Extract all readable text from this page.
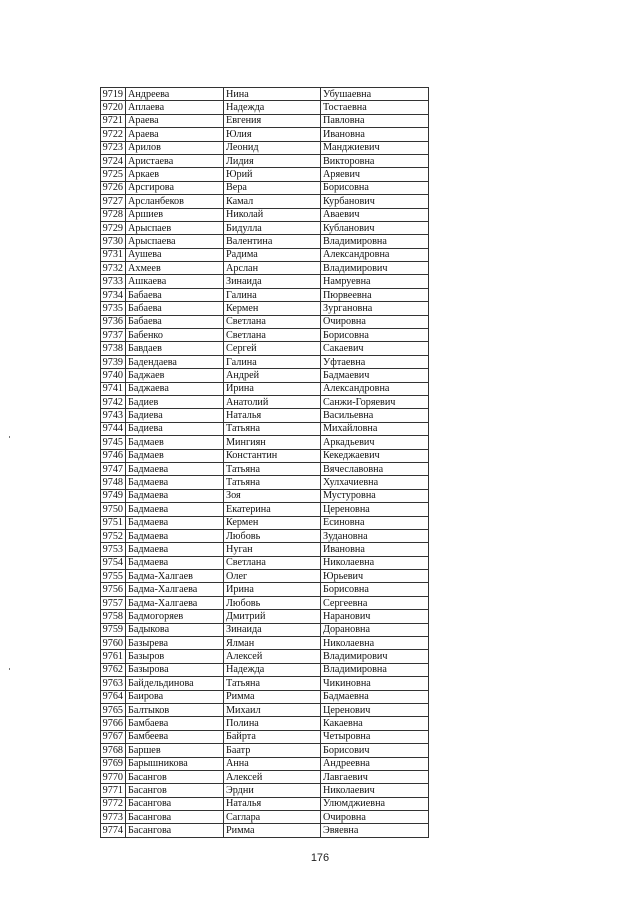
9719	Андреева	Нина	Убушаевна
9720	Аплаева	Надежда	Тостаевна
9721	Араева	Евгения	Павловна
9722	Араева	Юлия	Ивановна
9723	Арилов	Леонид	Манджиевич
9724	Аристаева	Лидия	Викторовна
9725	Аркаев	Юрий	Аряевич
9726	Арсгирова	Вера	Борисовна
9727	Арсланбеков	Камал	Курбанович
9728	Аршиев	Николай	Аваевич
9729	Арыспаев	Бидулла	Кубланович
9730	Арыспаева	Валентина	Владимировна
9731	Аушева	Радима	Александровна
9732	Ахмеев	Арслан	Владимирович
9733	Ашкаева	Зинаида	Намруевна
9734	Бабаева	Галина	Пюрвеевна
9735	Бабаева	Кермен	Зургановна
9736	Бабаева	Светлана	Очировна
9737	Бабенко	Светлана	Борисовна
9738	Бавдаев	Сергей	Сакаевич
9739	Бадендаева	Галина	Уфтаевна
9740	Баджаев	Андрей	Бадмаевич
9741	Баджаева	Ирина	Александровна
9742	Бадиев	Анатолий	Санжи-Горяевич
9743	Бадиева	Наталья	Васильевна
9744	Бадиева	Татьяна	Михайловна
9745	Бадмаев	Мингиян	Аркадьевич
9746	Бадмаев	Константин	Кекеджаевич
9747	Бадмаева	Татьяна	Вячеславовна
9748	Бадмаева	Татьяна	Хулхачиевна
9749	Бадмаева	Зоя	Мустуровна
9750	Бадмаева	Екатерина	Цереновна
9751	Бадмаева	Кермен	Есиновна
9752	Бадмаева	Любовь	Зудановна
9753	Бадмаева	Нуган	Ивановна
9754	Бадмаева	Светлана	Николаевна
9755	Бадма-Халгаев	Олег	Юрьевич
9756	Бадма-Халгаева	Ирина	Борисовна
9757	Бадма-Халгаева	Любовь	Сергеевна
9758	Бадмогоряев	Дмитрий	Наранович
9759	Бадыкова	Зинаида	Дорановна
9760	Базырева	Ялман	Николаевна
9761	Базыров	Алексей	Владимирович
9762	Базырова	Надежда	Владимировна
9763	Байдельдинова	Татьяна	Чикиновна
9764	Баирова	Римма	Бадмаевна
9765	Балтыков	Михаил	Церенович
9766	Бамбаева	Полина	Какаевна
9767	Бамбеева	Байрта	Четыровна
9768	Баршев	Баатр	Борисович
9769	Барышникова	Анна	Андреевна
9770	Басангов	Алексей	Лавгаевич
9771	Басангов	Эрдни	Николаевич
9772	Басангова	Наталья	Улюмджиевна
9773	Басангова	Саглара	Очировна
9774	Басангова	Римма	Эвяевна
176
